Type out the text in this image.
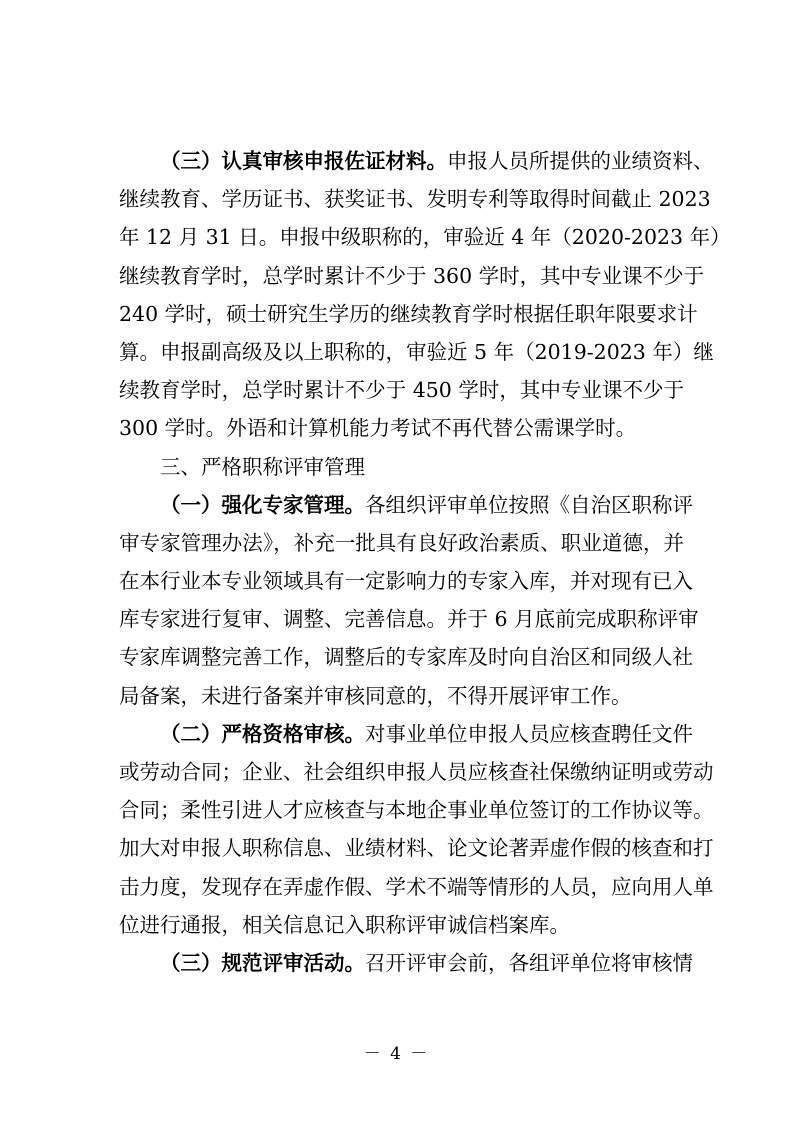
（三）认真审核申报佐证材料。申报人员所提供的业绩资料、
继续教育、学历证书、获奖证书、发明专利等取得时间截止 2023
年 12 月 31 日。申报中级职称的，审验近 4 年（2020-2023 年）
继续教育学时，总学时累计不少于 360 学时，其中专业课不少于
240 学时，硕士研究生学历的继续教育学时根据任职年限要求计
算。申报副高级及以上职称的，审验近 5 年（2019-2023 年）继
续教育学时，总学时累计不少于 450 学时，其中专业课不少于
300 学时。外语和计算机能力考试不再代替公需课学时。
三、严格职称评审管理
（一）强化专家管理。各组织评审单位按照《自治区职称评
审专家管理办法》，补充一批具有良好政治素质、职业道德，并
在本行业本专业领域具有一定影响力的专家入库，并对现有已入
库专家进行复审、调整、完善信息。并于 6 月底前完成职称评审
专家库调整完善工作，调整后的专家库及时向自治区和同级人社
局备案，未进行备案并审核同意的，不得开展评审工作。
（二）严格资格审核。对事业单位申报人员应核查聘任文件
或劳动合同；企业、社会组织申报人员应核查社保缴纳证明或劳动
合同；柔性引进人才应核查与本地企事业单位签订的工作协议等。
加大对申报人职称信息、业绩材料、论文论著弄虚作假的核查和打
击力度，发现存在弄虚作假、学术不端等情形的人员，应向用人单
位进行通报，相关信息记入职称评审诚信档案库。
（三）规范评审活动。召开评审会前，各组评单位将审核情
－ 4 －
